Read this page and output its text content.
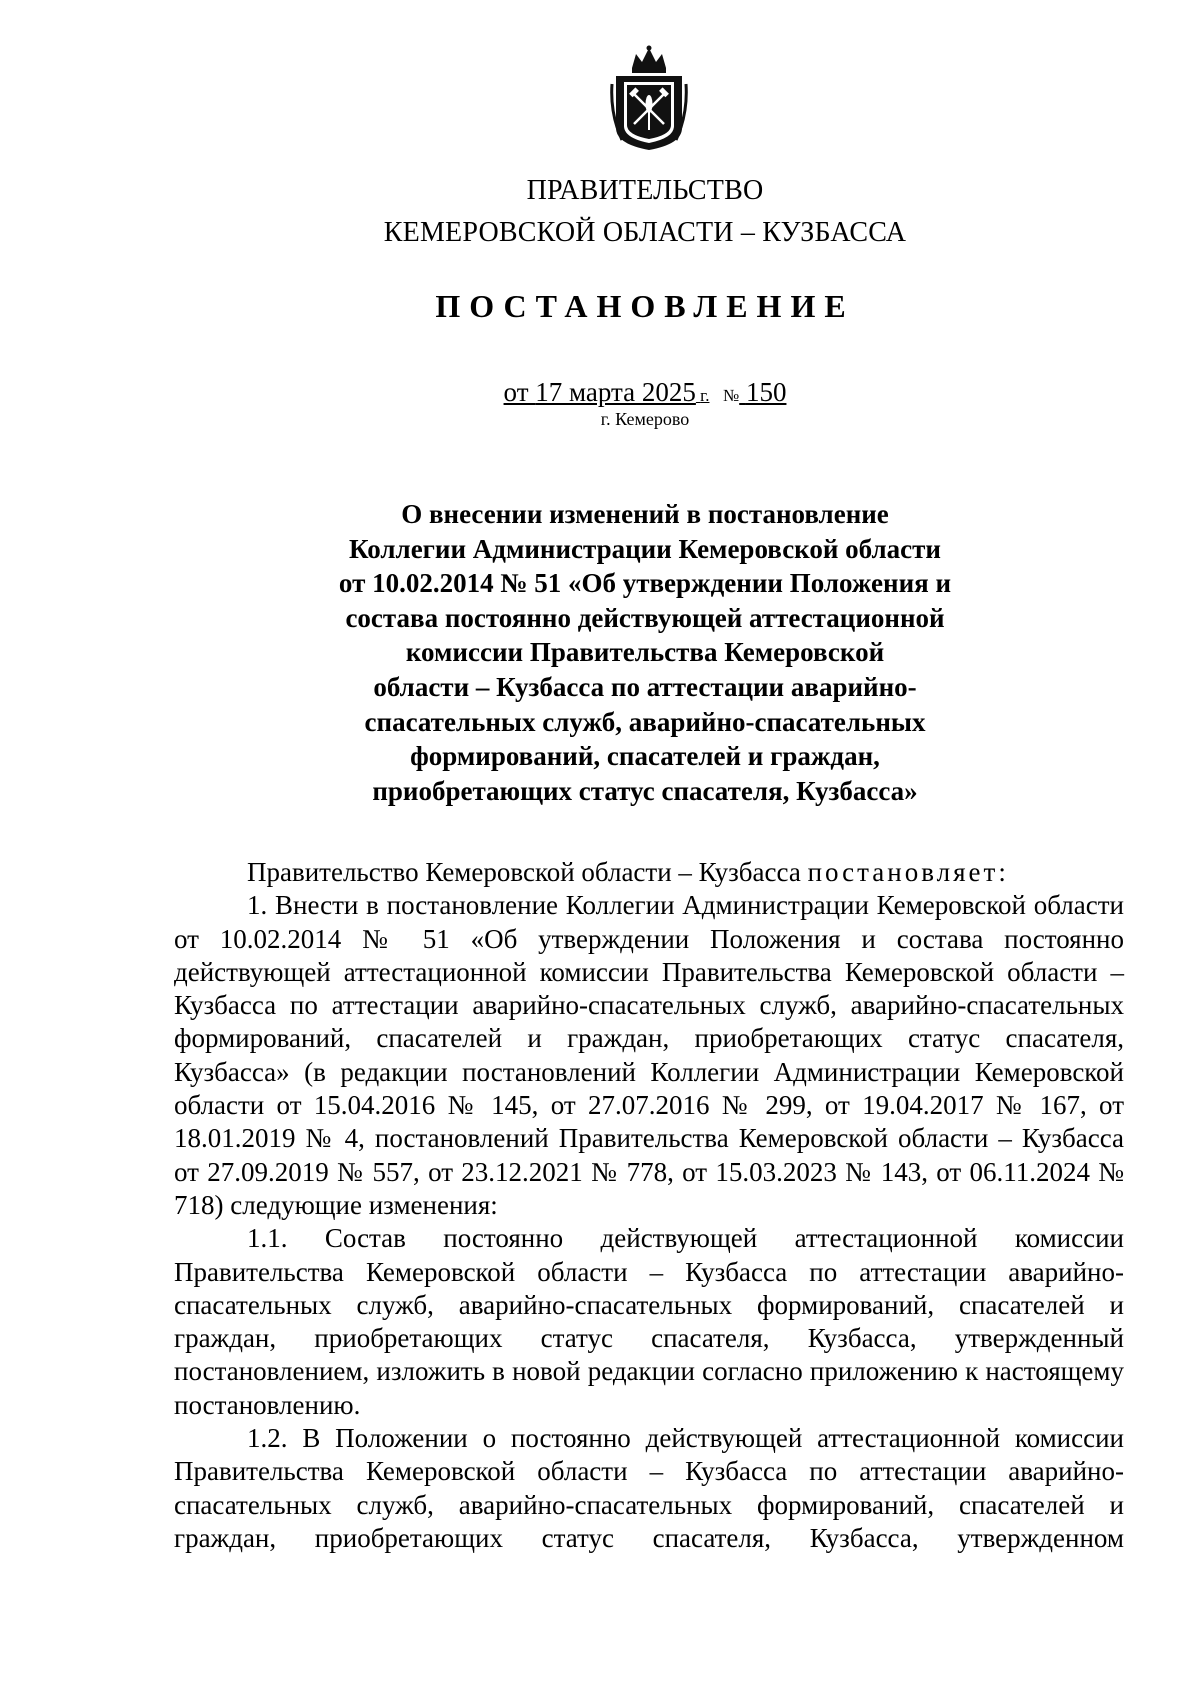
ПРАВИТЕЛЬСТВО
КЕМЕРОВСКОЙ ОБЛАСТИ – КУЗБАССА
ПОСТАНОВЛЕНИЕ
от 17 марта 2025 г. № 150
г. Кемерово
О внесении изменений в постановление
Коллегии Администрации Кемеровской области
от 10.02.2014 № 51 «Об утверждении Положения и
состава постоянно действующей аттестационной
комиссии Правительства Кемеровской
области – Кузбасса по аттестации аварийно-
спасательных служб, аварийно-спасательных
формирований, спасателей и граждан,
приобретающих статус спасателя, Кузбасса»

Правительство Кемеровской области – Кузбасса постановляет:

1. Внести в постановление Коллегии Администрации Кемеровской области от 10.02.2014 № 51 «Об утверждении Положения и состава постоянно действующей аттестационной комиссии Правительства Кемеровской области – Кузбасса по аттестации аварийно-спасательных служб, аварийно-спасательных формирований, спасателей и граждан, приобретающих статус спасателя, Кузбасса» (в редакции постановлений Коллегии Администрации Кемеровской области от 15.04.2016 № 145, от 27.07.2016 № 299, от 19.04.2017 № 167, от 18.01.2019 № 4, постановлений Правительства Кемеровской области – Кузбасса от 27.09.2019 № 557, от 23.12.2021 № 778, от 15.03.2023 № 143, от 06.11.2024 № 718) следующие изменения:

1.1. Состав постоянно действующей аттестационной комиссии Правительства Кемеровской области – Кузбасса по аттестации аварийно-спасательных служб, аварийно-спасательных формирований, спасателей и граждан, приобретающих статус спасателя, Кузбасса, утвержденный постановлением, изложить в новой редакции согласно приложению к настоящему постановлению.

1.2. В Положении о постоянно действующей аттестационной комиссии Правительства Кемеровской области – Кузбасса по аттестации аварийно-спасательных служб, аварийно-спасательных формирований, спасателей и граждан, приобретающих статус спасателя, Кузбасса, утвержденном
